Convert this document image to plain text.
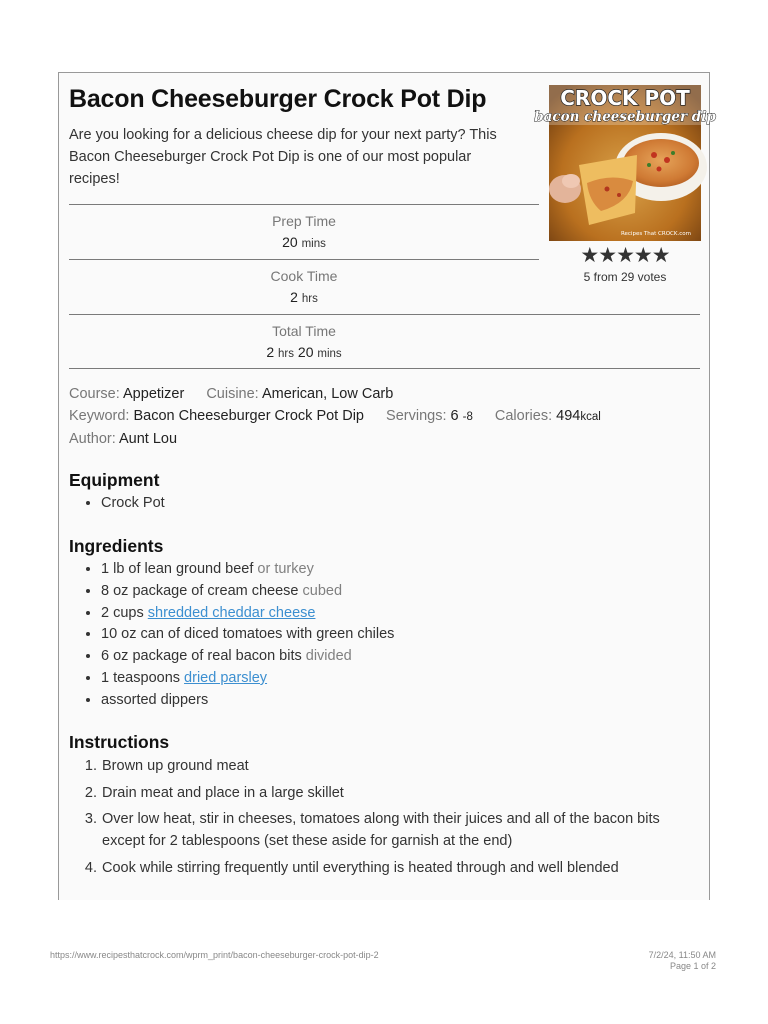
Bacon Cheeseburger Crock Pot Dip
Are you looking for a delicious cheese dip for your next party? This Bacon Cheeseburger Crock Pot Dip is one of our most popular recipes!
CROCK POT
bacon cheeseburger dip
Recipes That CROCK.com
★★★★★
5 from 29 votes
Prep Time
20 mins
Cook Time
2 hrs
Total Time
2 hrs 20 mins
Course: Appetizer Cuisine: American, Low Carb
Keyword: Bacon Cheeseburger Crock Pot Dip Servings: 6 -8 Calories: 494kcal
Author: Aunt Lou
Equipment
• Crock Pot
Ingredients
• 1 lb of lean ground beef or turkey
• 8 oz package of cream cheese cubed
• 2 cups shredded cheddar cheese
• 10 oz can of diced tomatoes with green chiles
• 6 oz package of real bacon bits divided
• 1 teaspoons dried parsley
• assorted dippers
Instructions
1. Brown up ground meat
2. Drain meat and place in a large skillet
3. Over low heat, stir in cheeses, tomatoes along with their juices and all of the bacon bits except for 2 tablespoons (set these aside for garnish at the end)
4. Cook while stirring frequently until everything is heated through and well blended
https://www.recipesthatcrock.com/wprm_print/bacon-cheeseburger-crock-pot-dip-2	7/2/24, 11:50 AM
Page 1 of 2
